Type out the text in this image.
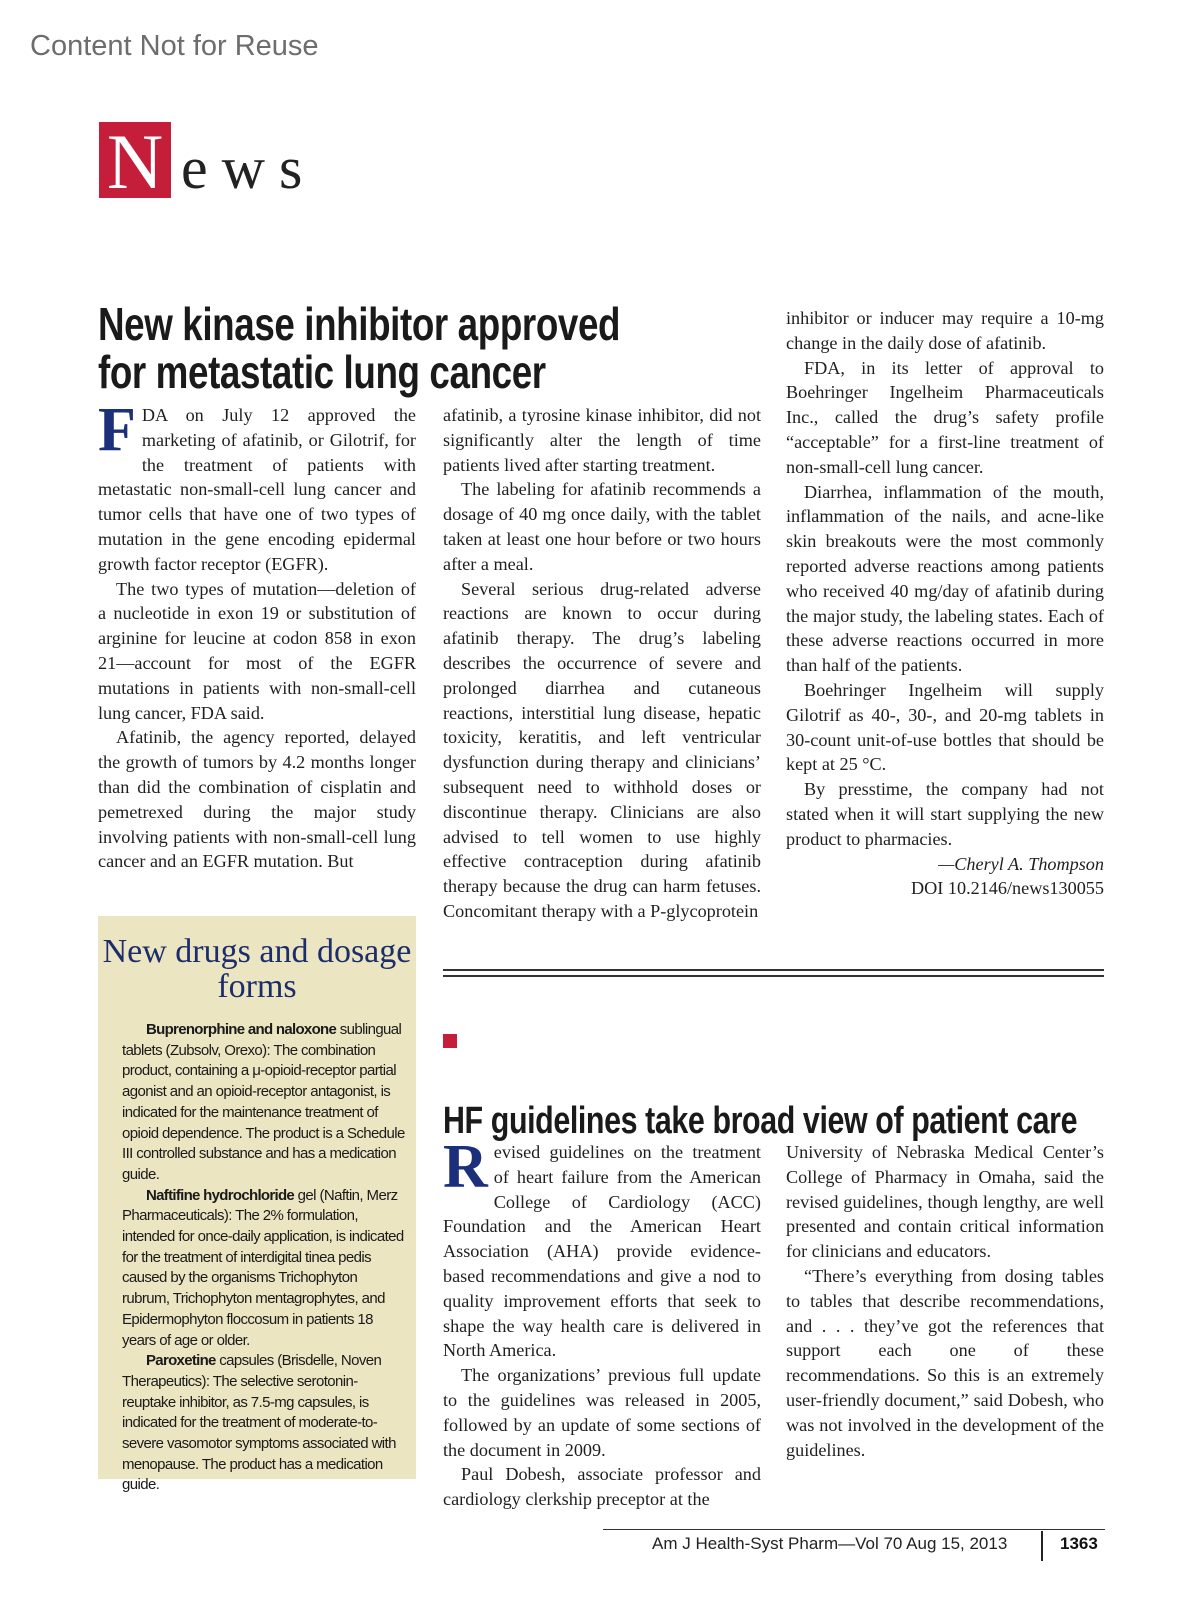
Content Not for Reuse
N ews
New kinase inhibitor approved
for metastatic lung cancer

FDA on July 12 approved the marketing of afatinib, or Gilotrif, for the treatment of patients with metastatic non-small-cell lung cancer and tumor cells that have one of two types of mutation in the gene encoding epidermal growth factor receptor (EGFR).

The two types of mutation—deletion of a nucleotide in exon 19 or substitution of arginine for leucine at codon 858 in exon 21—account for most of the EGFR mutations in patients with non-small-cell lung cancer, FDA said.

Afatinib, the agency reported, delayed the growth of tumors by 4.2 months longer than did the combination of cisplatin and pemetrexed during the major study involving patients with non-small-cell lung cancer and an EGFR mutation. But

afatinib, a tyrosine kinase inhibitor, did not significantly alter the length of time patients lived after starting treatment.

The labeling for afatinib recommends a dosage of 40 mg once daily, with the tablet taken at least one hour before or two hours after a meal.

Several serious drug-related adverse reactions are known to occur during afatinib therapy. The drug’s labeling describes the occurrence of severe and prolonged diarrhea and cutaneous reactions, interstitial lung disease, hepatic toxicity, keratitis, and left ventricular dysfunction during therapy and clinicians’ subsequent need to withhold doses or discontinue therapy. Clinicians are also advised to tell women to use highly effective contraception during afatinib therapy because the drug can harm fetuses. Concomitant therapy with a P-glycoprotein

inhibitor or inducer may require a 10-mg change in the daily dose of afatinib.

FDA, in its letter of approval to Boehringer Ingelheim Pharmaceuticals Inc., called the drug’s safety profile “acceptable” for a first-line treatment of non-small-cell lung cancer.

Diarrhea, inflammation of the mouth, inflammation of the nails, and acne-like skin breakouts were the most commonly reported adverse reactions among patients who received 40 mg/day of afatinib during the major study, the labeling states. Each of these adverse reactions occurred in more than half of the patients.

Boehringer Ingelheim will supply Gilotrif as 40-, 30-, and 20-mg tablets in 30-count unit-of-use bottles that should be kept at 25 °C.

By presstime, the company had not stated when it will start supplying the new product to pharmacies.

—Cheryl A. Thompson

DOI 10.2146/news130055

New drugs and dosage forms

Buprenorphine and naloxone sublingual tablets (Zubsolv, Orexo): The combination product, containing a μ-opioid-receptor partial agonist and an opioid-receptor antagonist, is indicated for the maintenance treatment of opioid dependence. The product is a Schedule III controlled substance and has a medication guide.

Naftifine hydrochloride gel (Naftin, Merz Pharmaceuticals): The 2% formulation, intended for once-daily application, is indicated for the treatment of interdigital tinea pedis caused by the organisms Trichophyton rubrum, Trichophyton mentagrophytes, and Epidermophyton floccosum in patients 18 years of age or older.

Paroxetine capsules (Brisdelle, Noven Therapeutics): The selective serotonin-reuptake inhibitor, as 7.5-mg capsules, is indicated for the treatment of moderate-to-severe vasomotor symptoms associated with menopause. The product has a medication guide.

HF guidelines take broad view of patient care

Revised guidelines on the treatment of heart failure from the American College of Cardiology (ACC) Foundation and the American Heart Association (AHA) provide evidence-based recommendations and give a nod to quality improvement efforts that seek to shape the way health care is delivered in North America.

The organizations’ previous full update to the guidelines was released in 2005, followed by an update of some sections of the document in 2009.

Paul Dobesh, associate professor and cardiology clerkship preceptor at the

University of Nebraska Medical Center’s College of Pharmacy in Omaha, said the revised guidelines, though lengthy, are well presented and contain critical information for clinicians and educators.

“There’s everything from dosing tables to tables that describe recommendations, and . . . they’ve got the references that support each one of these recommendations. So this is an extremely user-friendly document,” said Dobesh, who was not involved in the development of the guidelines.

Am J Health-Syst Pharm—Vol 70 Aug 15, 2013	1363
